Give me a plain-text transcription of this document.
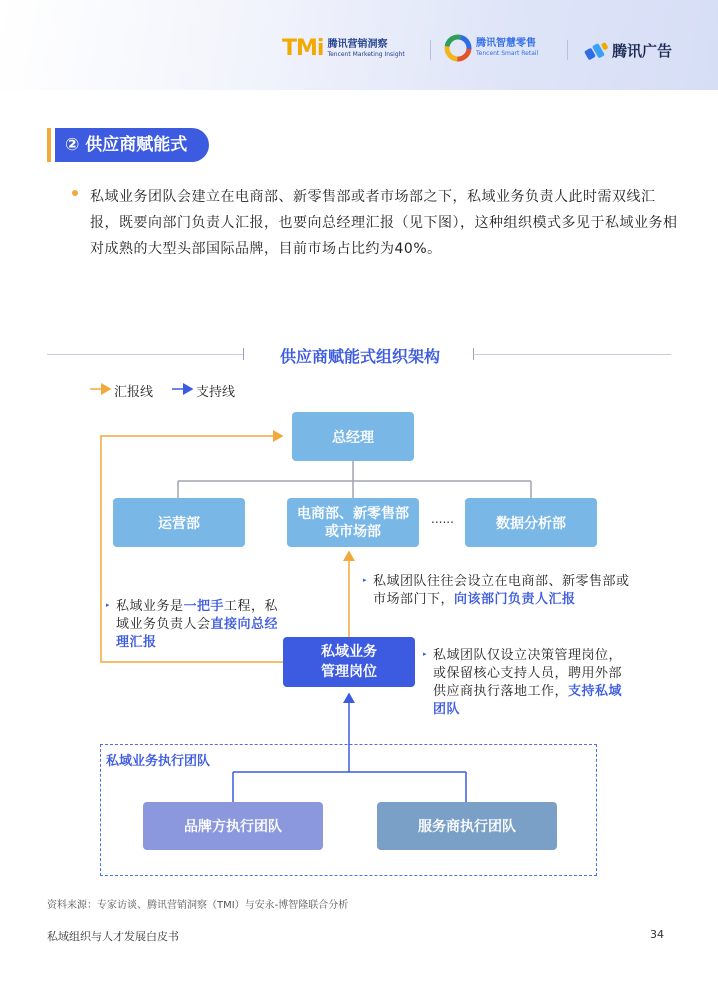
TMi 腾讯营销洞察
Tencent Marketing Insight
腾讯智慧零售
Tencent Smart Retail	腾讯广告
② 供应商赋能式
私域业务团队会建立在电商部、新零售部或者市场部之下，私域业务负责人此时需双线汇报，既要向部门负责人汇报，也要向总经理汇报（见下图），这种组织模式多见于私域业务相对成熟的大型头部国际品牌，目前市场占比约为40%。
供应商赋能式组织架构
汇报线	支持线
总经理
运营部
电商部、新零售部
或市场部
......	数据分析部
私域业务
管理岗位
▸ 私域业务是一把手工程，私域业务负责人会直接向总经理汇报
▸ 私域团队往往会设立在电商部、新零售部或市场部门下，向该部门负责人汇报
▸ 私域团队仅设立决策管理岗位，或保留核心支持人员，聘用外部供应商执行落地工作，支持私域团队
私域业务执行团队
品牌方执行团队	服务商执行团队
资料来源：专家访谈、腾讯营销洞察（TMI）与安永-博智隆联合分析
私域组织与人才发展白皮书	34
